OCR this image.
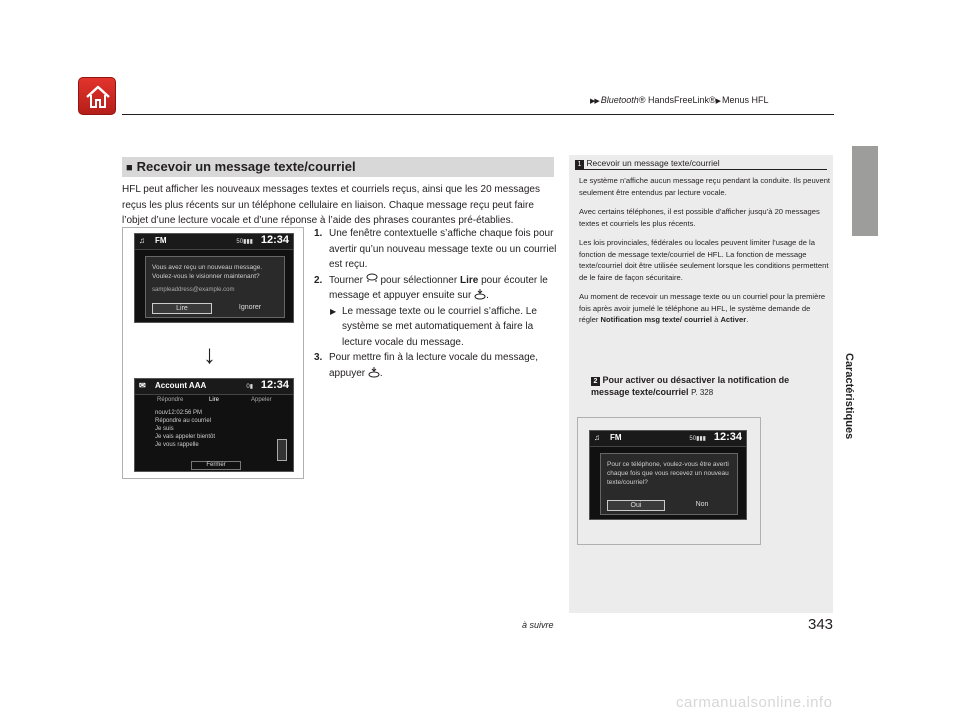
▶▶ Bluetooth® HandsFreeLink®▶ Menus HFL
Caractéristiques
■ Recevoir un message texte/courriel
HFL peut afficher les nouveaux messages textes et courriels reçus, ainsi que les 20 messages reçus les plus récents sur un téléphone cellulaire en liaison. Chaque message reçu peut faire l’objet d’une lecture vocale et d’une réponse à l’aide des phrases courantes pré-établies.
♫ FM	50▮▮▮ 12:34
Vous avez reçu un nouveau message. Voulez-vous le visionner maintenant?
sampleaddress@example.com
Lire	Ignorer
✉ Account AAA	0▮ 12:34
Répondre	Lire	Appeler
nouv12:02:56 PM
Répondre au courriel
Je suis
Je vais appeler bientôt
Je vous rappelle
Fermer
↓
1. Une fenêtre contextuelle s’affiche chaque fois pour avertir qu’un nouveau message texte ou un courriel est reçu.
2. Tourner pour sélectionner Lire pour écouter le message et appuyer ensuite sur .
▶ Le message texte ou le courriel s’affiche. Le système se met automatiquement à faire la lecture vocale du message.
3. Pour mettre fin à la lecture vocale du message, appuyer .
1 Recevoir un message texte/courriel

Le système n’affiche aucun message reçu pendant la conduite. Ils peuvent seulement être entendus par lecture vocale.

Avec certains téléphones, il est possible d’afficher jusqu’à 20 messages textes et courriels les plus récents.

Les lois provinciales, fédérales ou locales peuvent limiter l’usage de la fonction de message texte/courriel de HFL. La fonction de message texte/courriel doit être utilisée seulement lorsque les conditions permettent de le faire de façon sécuritaire.

Au moment de recevoir un message texte ou un courriel pour la première fois après avoir jumelé le téléphone au HFL, le système demande de régler Notification msg texte/ courriel à Activer.

2 Pour activer ou désactiver la notification de message texte/courriel P. 328
♫ FM	50▮▮▮ 12:34
Pour ce téléphone, voulez-vous être averti chaque fois que vous recevez un nouveau texte/courriel?
Oui	Non
à suivre	343
carmanualsonline.info
